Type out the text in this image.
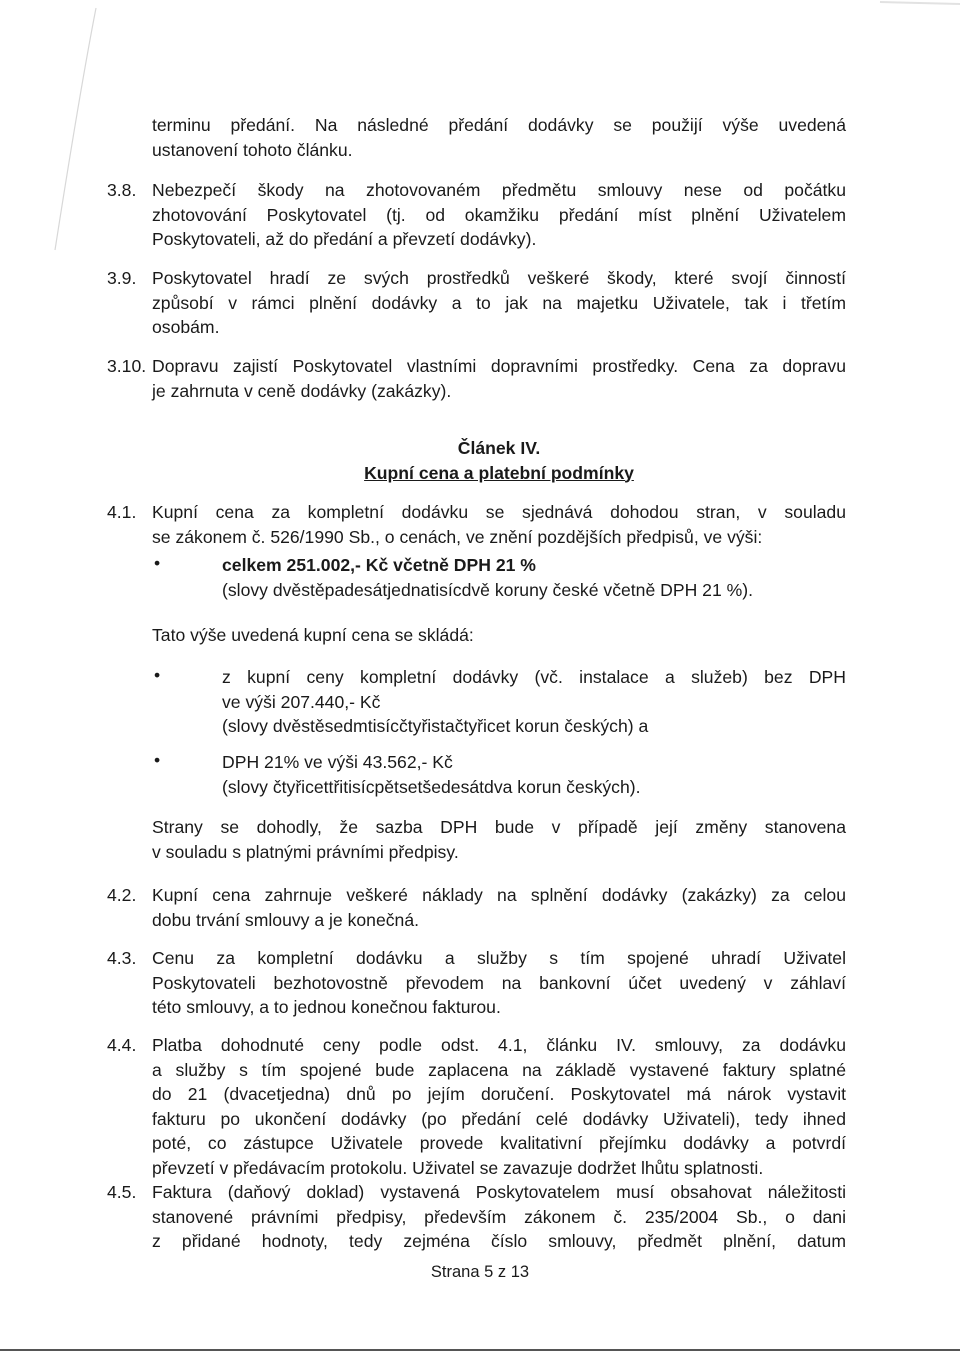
terminu předání. Na následné předání dodávky se použijí výše uvedená
ustanovení tohoto článku.
3.8. Nebezpečí škody na zhotovovaném předmětu smlouvy nese od počátku
zhotovování Poskytovatel (tj. od okamžiku předání míst plnění Uživatelem
Poskytovateli, až do předání a převzetí dodávky).
3.9. Poskytovatel hradí ze svých prostředků veškeré škody, které svojí činností
způsobí v rámci plnění dodávky a to jak na majetku Uživatele, tak i třetím
osobám.
3.10. Dopravu zajistí Poskytovatel vlastními dopravními prostředky. Cena za dopravu
je zahrnuta v ceně dodávky (zakázky).
Článek IV.
Kupní cena a platební podmínky
4.1. Kupní cena za kompletní dodávku se sjednává dohodou stran, v souladu
se zákonem č. 526/1990 Sb., o cenách, ve znění pozdějších předpisů, ve výši:
•	celkem 251.002,- Kč včetně DPH 21 %
(slovy dvěstěpadesátjednatisícdvě koruny české včetně DPH 21 %).
Tato výše uvedená kupní cena se skládá:
•	z kupní ceny kompletní dodávky (vč. instalace a služeb) bez DPH
ve výši 207.440,- Kč
(slovy dvěstěsedmtisícčtyřistačtyřicet korun českých) a
•	DPH 21% ve výši 43.562,- Kč
(slovy čtyřicettřitisícpětsetšedesátdva korun českých).
Strany se dohodly, že sazba DPH bude v případě její změny stanovena
v souladu s platnými právními předpisy.
4.2. Kupní cena zahrnuje veškeré náklady na splnění dodávky (zakázky) za celou
dobu trvání smlouvy a je konečná.
4.3. Cenu za kompletní dodávku a služby s tím spojené uhradí Uživatel
Poskytovateli bezhotovostně převodem na bankovní účet uvedený v záhlaví
této smlouvy, a to jednou konečnou fakturou.
4.4. Platba dohodnuté ceny podle odst. 4.1, článku IV. smlouvy, za dodávku
a služby s tím spojené bude zaplacena na základě vystavené faktury splatné
do 21 (dvacetjedna) dnů po jejím doručení. Poskytovatel má nárok vystavit
fakturu po ukončení dodávky (po předání celé dodávky Uživateli), tedy ihned
poté, co zástupce Uživatele provede kvalitativní přejímku dodávky a potvrdí
převzetí v předávacím protokolu. Uživatel se zavazuje dodržet lhůtu splatnosti.
4.5. Faktura (daňový doklad) vystavená Poskytovatelem musí obsahovat náležitosti
stanovené právními předpisy, především zákonem č. 235/2004 Sb., o dani
z přidané hodnoty, tedy zejména číslo smlouvy, předmět plnění, datum
Strana 5 z 13
